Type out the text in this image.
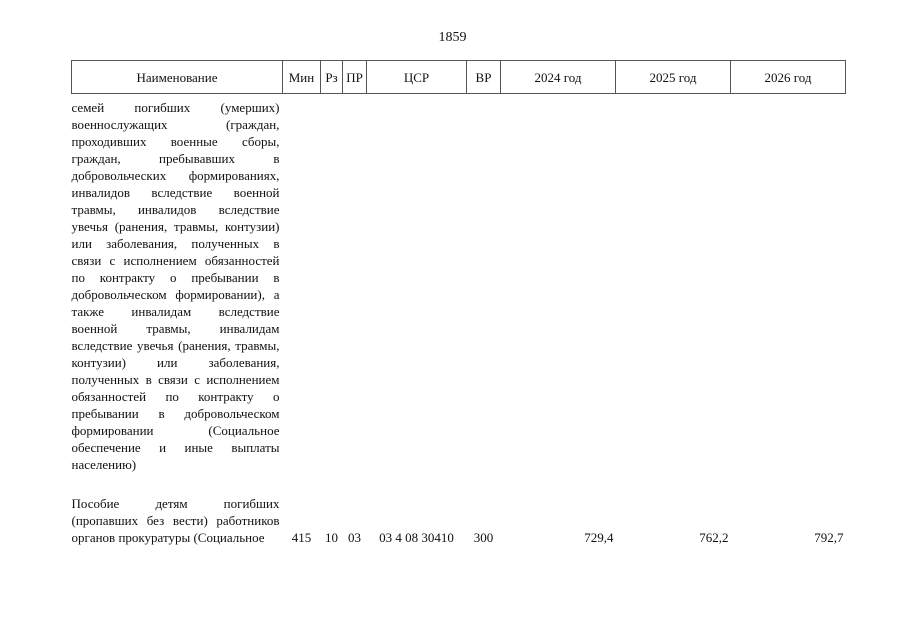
1859
Наименование	Мин	Рз	ПР	ЦСР	ВР	2024 год	2025 год	2026 год

семей погибших (умерших) военнослужащих (граждан, проходивших военные сборы, граждан, пребывавших в добровольческих формированиях, инвалидов вследствие военной травмы, инвалидов вследствие увечья (ранения, травмы, контузии) или заболевания, полученных в связи с исполнением обязанностей по контракту о пребывании в добровольческом формировании), а также инвалидам вследствие военной травмы, инвалидам вследствие увечья (ранения, травмы, контузии) или заболевания, полученных в связи с исполнением обязанностей по контракту о пребывании в добровольческом формировании (Социальное обеспечение и иные выплаты населению)								

Пособие детям погибших (пропавших без вести) работников органов прокуратуры (Социальное	415	10	03	03 4 08 30410	300	729,4	762,2	792,7
